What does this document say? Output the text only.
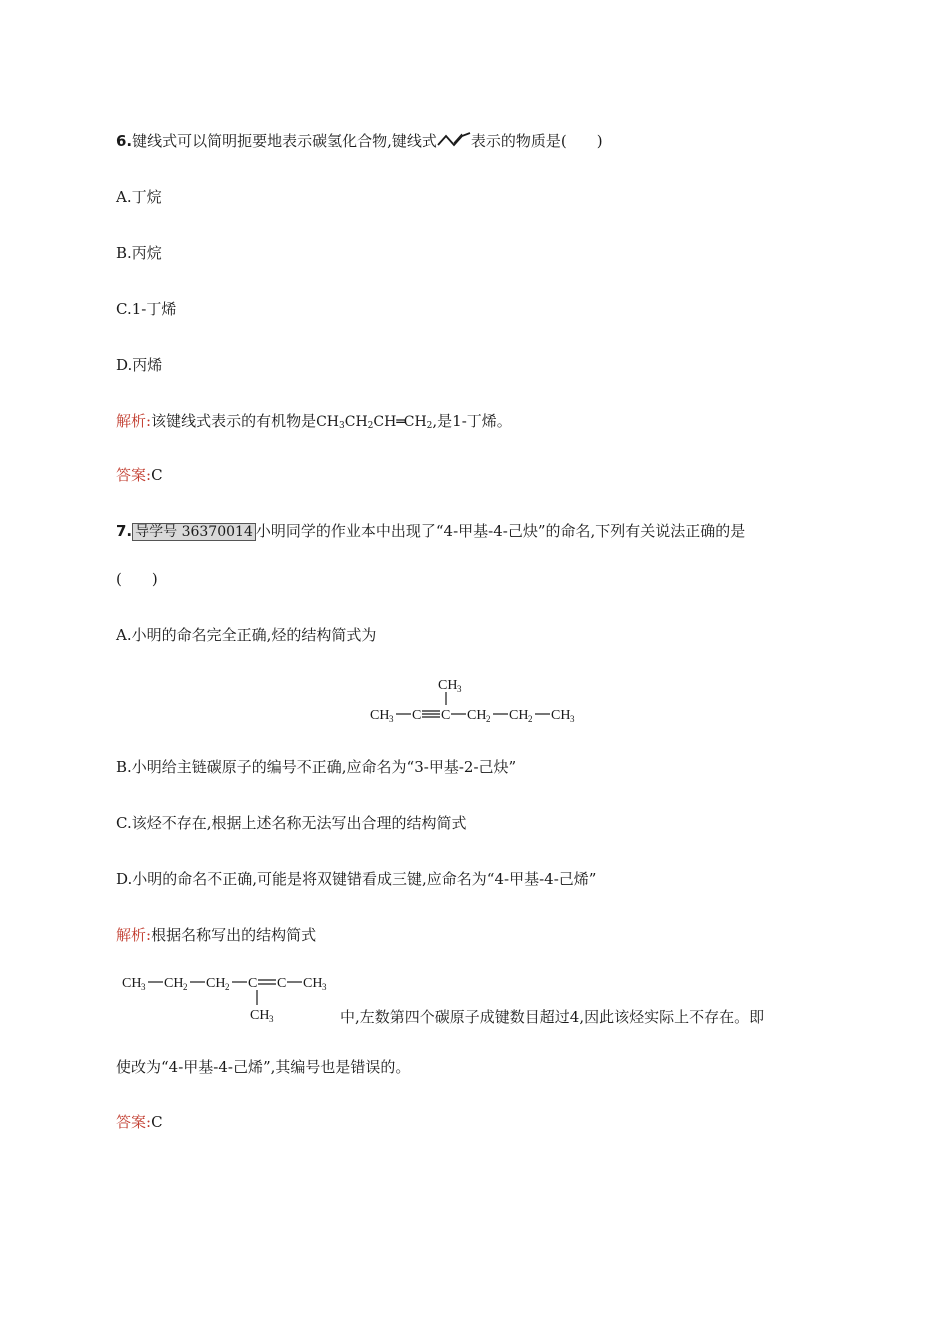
6.键线式可以简明扼要地表示碳氢化合物,键线式 表示的物质是(　　)
A.丁烷
B.丙烷
C.1-丁烯
D.丙烯
解析:该键线式表示的有机物是$CH_3CH_2CH═CH_2$,是1-丁烯。
答案:C
7. 导学号 36370014 小明同学的作业本中出现了“4-甲基-4-己炔”的命名,下列有关说法正确的是
(　　)
A.小明的命名完全正确,烃的结构简式为
CH 3
CH 3 C C CH 2 CH 2 CH 3
B.小明给主链碳原子的编号不正确,应命名为“3-甲基-2-己炔”
C.该烃不存在,根据上述名称无法写出合理的结构简式
D.小明的命名不正确,可能是将双键错看成三键,应命名为“4-甲基-4-己烯”
解析:根据名称写出的结构简式
CH 3 CH 2 CH 2 C C CH 3
CH 3	中,左数第四个碳原子成键数目超过4,因此该烃实际上不存在。即
使改为“4-甲基-4-己烯”,其编号也是错误的。
答案:C
